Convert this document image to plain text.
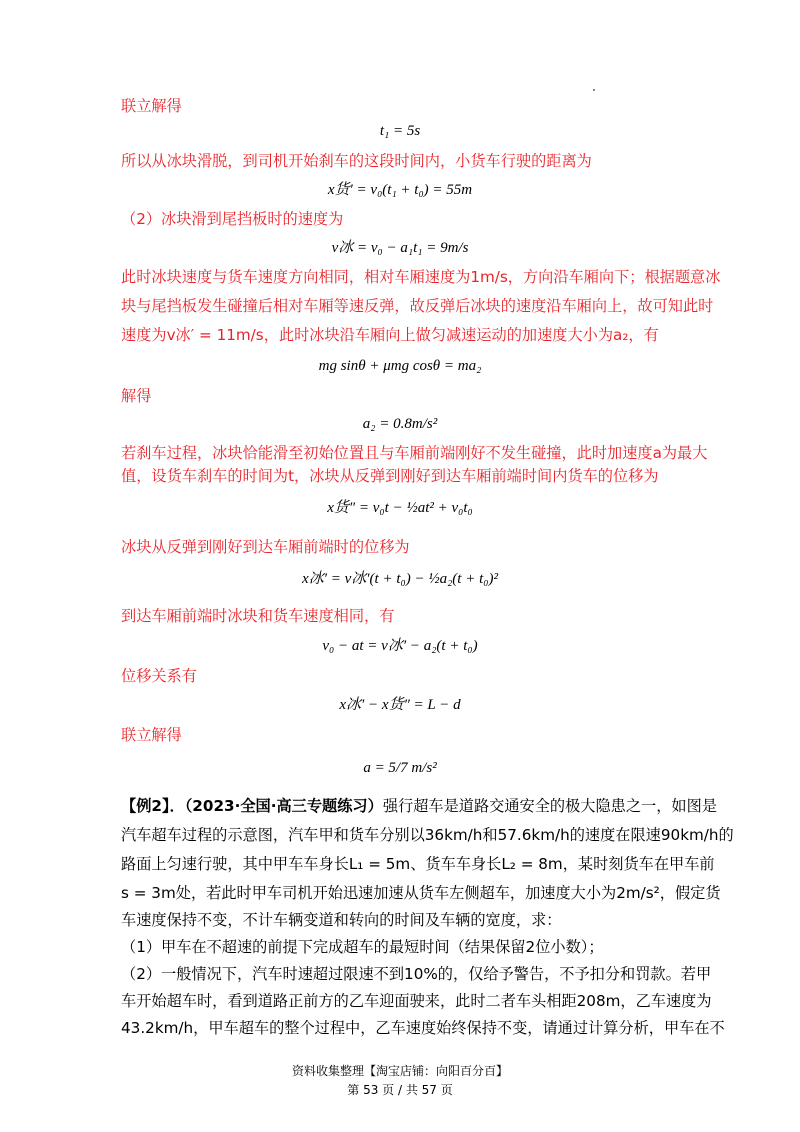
联立解得
t₁ = 5s
所以从冰块滑脱，到司机开始刹车的这段时间内，小货车行驶的距离为
x货′ = v₀(t₁ + t₀) = 55m
（2）冰块滑到尾挡板时的速度为
v冰 = v₀ − a₁t₁ = 9m/s
此时冰块速度与货车速度方向相同，相对车厢速度为1m/s，方向沿车厢向下；根据题意冰
块与尾挡板发生碰撞后相对车厢等速反弹，故反弹后冰块的速度沿车厢向上，故可知此时
速度为v冰′ = 11m/s，此时冰块沿车厢向上做匀减速运动的加速度大小为a₂，有
mg sinθ + μmg cosθ = ma₂
解得
a₂ = 0.8m/s²
若刹车过程，冰块恰能滑至初始位置且与车厢前端刚好不发生碰撞，此时加速度a为最大
值，设货车刹车的时间为t，冰块从反弹到刚好到达车厢前端时间内货车的位移为
x货″ = v₀t − ½at² + v₀t₀
冰块从反弹到刚好到达车厢前端时的位移为
x冰′ = v冰′(t + t₀) − ½a₂(t + t₀)²
到达车厢前端时冰块和货车速度相同，有
v₀ − at = v冰′ − a₂(t + t₀)
位移关系有
x冰′ − x货″ = L − d
联立解得
a = 5/7 m/s²
【例2】．（2023·全国·高三专题练习）强行超车是道路交通安全的极大隐患之一，如图是
汽车超车过程的示意图，汽车甲和货车分别以36km/h和57.6km/h的速度在限速90km/h的
路面上匀速行驶，其中甲车车身长L₁ = 5m、货车车身长L₂ = 8m，某时刻货车在甲车前
s = 3m处，若此时甲车司机开始迅速加速从货车左侧超车，加速度大小为2m/s²，假定货
车速度保持不变，不计车辆变道和转向的时间及车辆的宽度，求：
（1）甲车在不超速的前提下完成超车的最短时间（结果保留2位小数）；
（2）一般情况下，汽车时速超过限速不到10%的，仅给予警告，不予扣分和罚款。若甲
车开始超车时，看到道路正前方的乙车迎面驶来，此时二者车头相距208m，乙车速度为
43.2km/h，甲车超车的整个过程中，乙车速度始终保持不变，请通过计算分析，甲车在不
资料收集整理【淘宝店铺：向阳百分百】
第 53 页 / 共 57 页
